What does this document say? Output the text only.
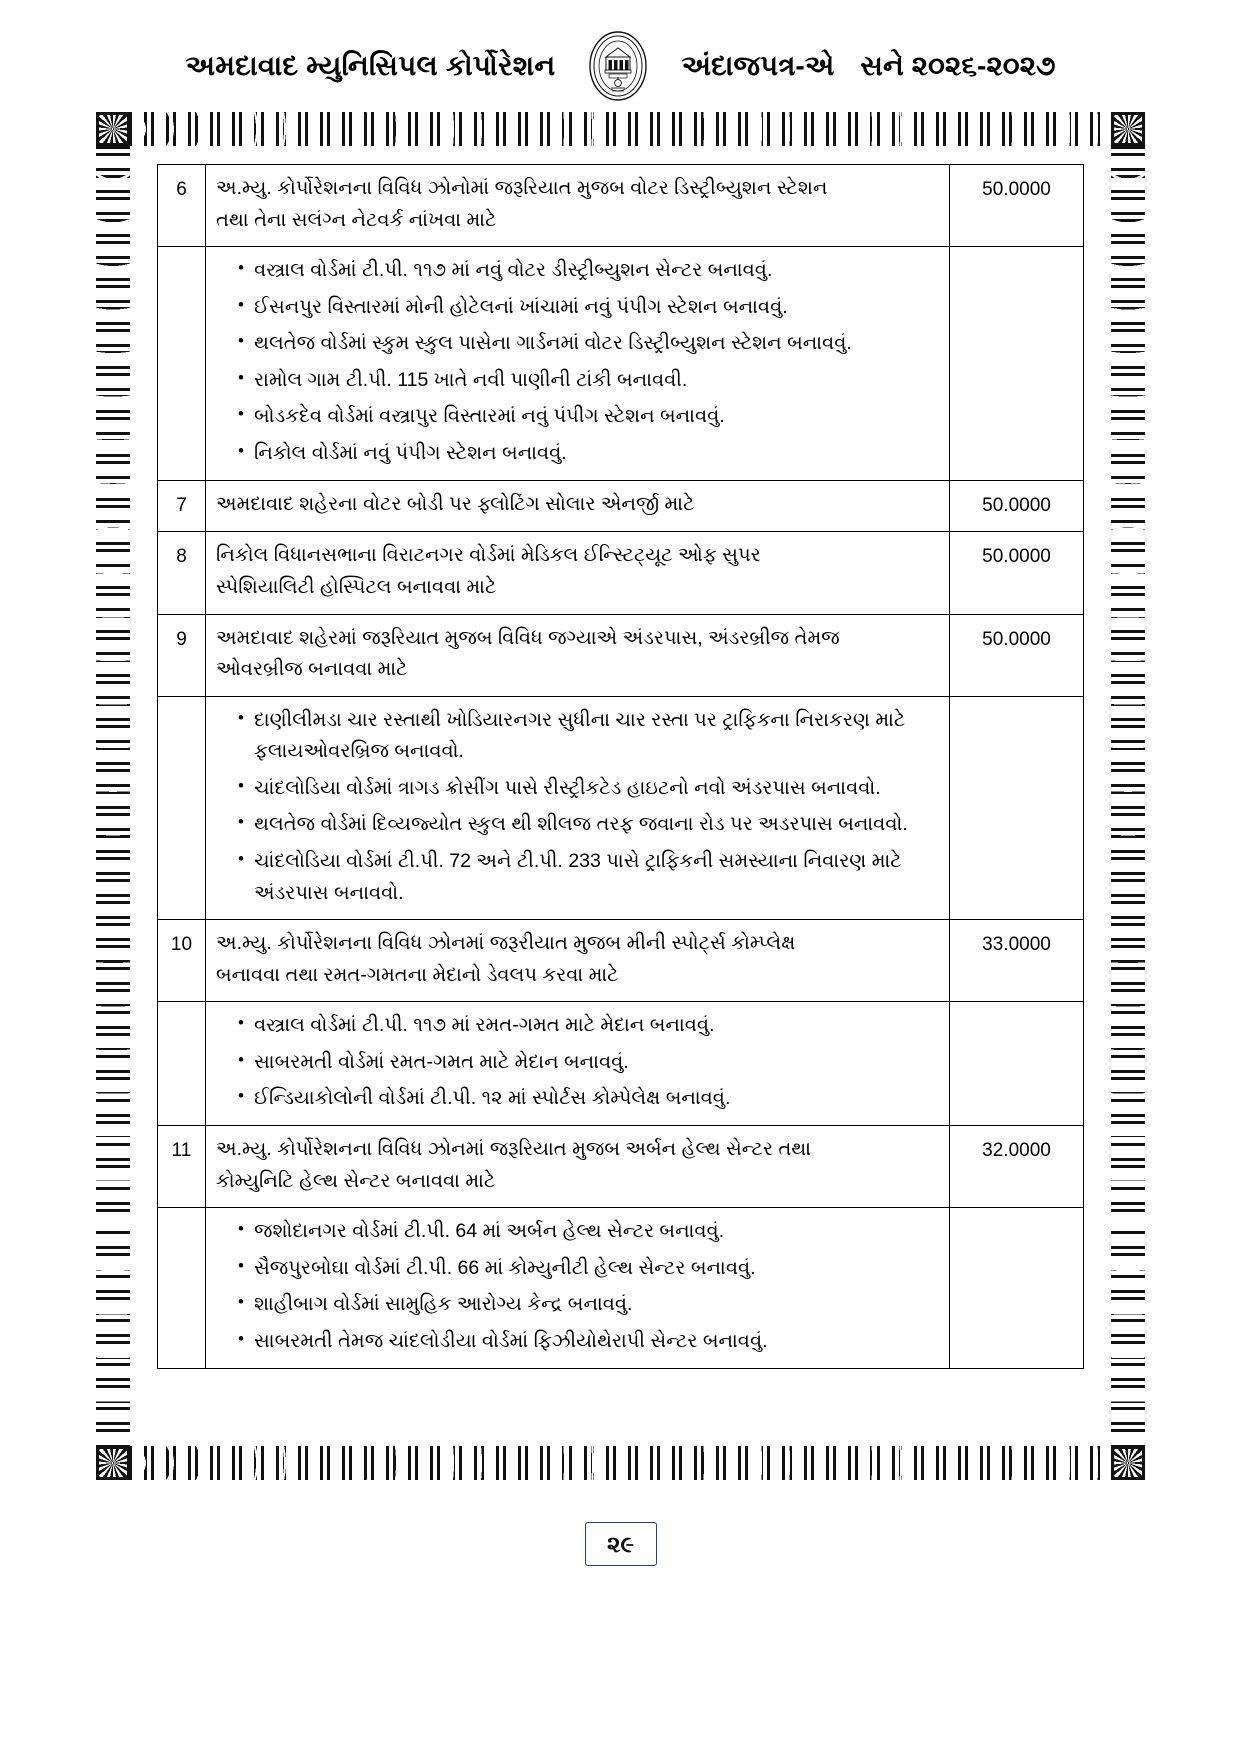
અમદાવાદ મ્યુનિસિપલ કોર્પોરેશન	અંદાજપત્ર-એ સને ૨૦૨૬-૨૦૨૭
6	અ.મ્યુ. કોર્પોરેશનના વિવિધ ઝોનોમાં જરૂરિયાત મુજબ વોટર ડિસ્ટ્રીબ્યુશન સ્ટેશન
તથા તેના સલંગ્ન નેટવર્ક નાંખવા માટે	50.0000

• વસ્ત્રાલ વોર્ડમાં ટી.પી. ૧૧૭ માં નવું વોટર ડીસ્ટ્રીબ્યુશન સેન્ટર બનાવવું.
• ઈસનપુર વિસ્તારમાં મોની હોટેલનાં ખાંચામાં નવું પંપીગ સ્ટેશન બનાવવું.
• થલતેજ વોર્ડમાં સ્કુમ સ્કુલ પાસેના ગાર્ડનમાં વોટર ડિસ્ટ્રીબ્યુશન સ્ટેશન બનાવવું.
• રામોલ ગામ ટી.પી. 115 ખાતે નવી પાણીની ટાંકી બનાવવી.
• બોડકદેવ વોર્ડમાં વસ્ત્રાપુર વિસ્તારમાં નવું પંપીગ સ્ટેશન બનાવવું.
• નિકોલ વોર્ડમાં નવું પંપીગ સ્ટેશન બનાવવું.

7	અમદાવાદ શહેરના વોટર બોડી પર ફ્લોટિંગ સોલાર એનર્જી માટે	50.0000
8	નિકોલ વિધાનસભાના વિરાટનગર વોર્ડમાં મેડિકલ ઈન્સ્ટિટ્યૂટ ઓફ સુપર
સ્પેશિયાલિટી હોસ્પિટલ બનાવવા માટે	50.0000
9	અમદાવાદ શહેરમાં જરૂરિયાત મુજબ વિવિધ જગ્યાએ અંડરપાસ, અંડરબ્રીજ તેમજ
ઓવરબ્રીજ બનાવવા માટે	50.0000

• દાણીલીમડા ચાર રસ્તાથી ખોડિયારનગર સુધીના ચાર રસ્તા પર ટ્રાફિકના નિરાકરણ માટે ફલાયઓવરબ્રિજ બનાવવો.
• ચાંદલોડિયા વોર્ડમાં ત્રાગડ ક્રોસીંગ પાસે રીસ્ટ્રીકટેડ હાઇટનો નવો અંડરપાસ બનાવવો.
• થલતેજ વોર્ડમાં દિવ્યજ્યોત સ્કુલ થી શીલજ તરફ જવાના રોડ પર અડરપાસ બનાવવો.
• ચાંદલોડિયા વોર્ડમાં ટી.પી. 72 અને ટી.પી. 233 પાસે ટ્રાફિકની સમસ્યાના નિવારણ માટે અંડરપાસ બનાવવો.

10	અ.મ્યુ. કોર્પોરેશનના વિવિધ ઝોનમાં જરૂરીયાત મુજબ મીની સ્પોર્ટ્સ કોમ્પ્લેક્ષ
બનાવવા તથા રમત-ગમતના મેદાનો ડેવલપ કરવા માટે	33.0000

• વસ્ત્રાલ વોર્ડમાં ટી.પી. ૧૧૭ માં રમત-ગમત માટે મેદાન બનાવવું.
• સાબરમતી વોર્ડમાં રમત-ગમત માટે મેદાન બનાવવું.
• ઈન્ડિયાકોલોની વોર્ડમાં ટી.પી. ૧૨ માં સ્પોર્ટસ કોમ્પેલેક્ષ બનાવવું.

11	અ.મ્યુ. કોર્પોરેશનના વિવિધ ઝોનમાં જરૂરિયાત મુજબ અર્બન હેલ્થ સેન્ટર તથા
કોમ્યુનિટિ હેલ્થ સેન્ટર બનાવવા માટે	32.0000

• જશોદાનગર વોર્ડમાં ટી.પી. 64 માં અર્બન હેલ્થ સેન્ટર બનાવવું.
• સૈજપુરબોઘા વોર્ડમાં ટી.પી. 66 માં કોમ્યુનીટી હેલ્થ સેન્ટર બનાવવું.
• શાહીબાગ વોર્ડમાં સામુહિક આરોગ્ય કેન્દ્ર બનાવવું.
• સાબરમતી તેમજ ચાંદલોડીયા વોર્ડમાં ફિઝીયોથેરાપી સેન્ટર બનાવવું.

૨૯
